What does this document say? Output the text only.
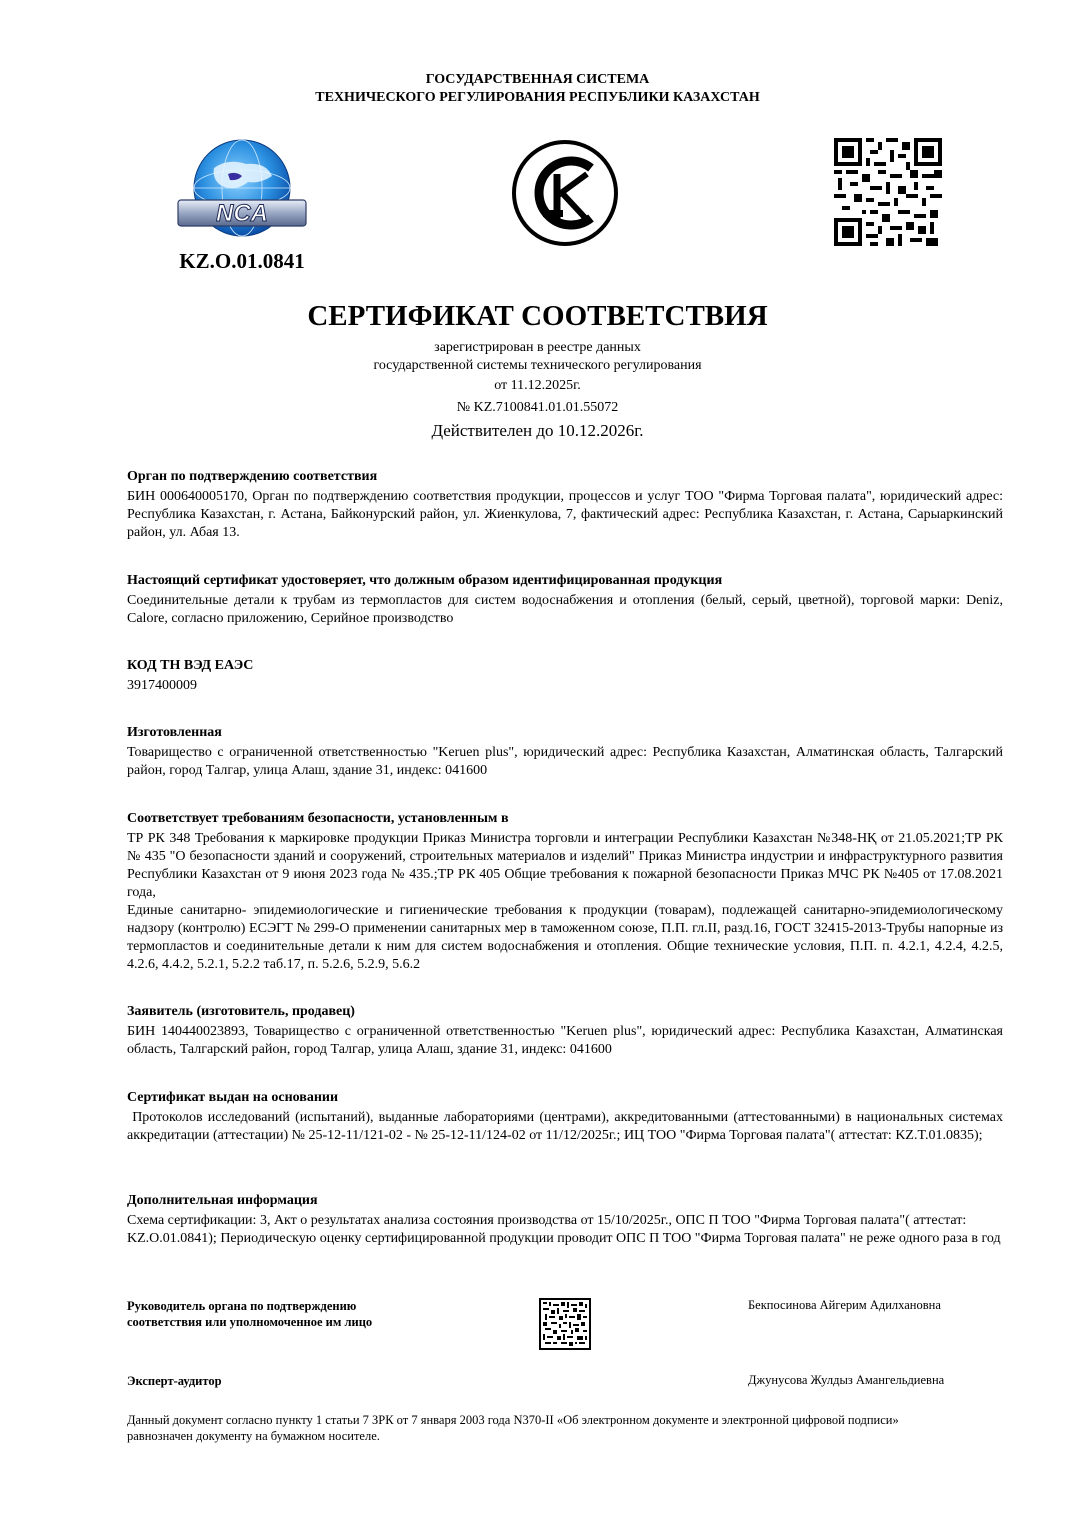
ГОСУДАРСТВЕННАЯ СИСТЕМА
ТЕХНИЧЕСКОГО РЕГУЛИРОВАНИЯ РЕСПУБЛИКИ КАЗАХСТАН
NCA
KZ.O.01.0841
СЕРТИФИКАТ СООТВЕТСТВИЯ
зарегистрирован в реестре данных
государственной системы технического регулирования
от 11.12.2025г.
№ KZ.7100841.01.01.55072
Действителен до 10.12.2026г.
Орган по подтверждению соответствия
БИН 000640005170, Орган по подтверждению соответствия продукции, процессов и услуг ТОО "Фирма Торговая палата", юридический адрес: Республика Казахстан, г. Астана, Байконурский район, ул. Жиенкулова, 7, фактический адрес: Республика Казахстан, г. Астана, Сарыаркинский район, ул. Абая 13.
Настоящий сертификат удостоверяет, что должным образом идентифицированная продукция
Соединительные детали к трубам из термопластов для систем водоснабжения и отопления (белый, серый, цветной), торговой марки: Deniz, Calore, согласно приложению, Серийное производство
КОД ТН ВЭД ЕАЭС
3917400009
Изготовленная
Товарищество с ограниченной ответственностью "Keruen plus", юридический адрес: Республика Казахстан, Алматинская область, Талгарский район, город Талгар, улица Алаш, здание 31, индекс: 041600
Соответствует требованиям безопасности, установленным в
ТР РК 348 Требования к маркировке продукции Приказ Министра торговли и интеграции Республики Казахстан №348-НҚ от 21.05.2021;ТР РК № 435 "О безопасности зданий и сооружений, строительных материалов и изделий" Приказ Министра индустрии и инфраструктурного развития Республики Казахстан от 9 июня 2023 года № 435.;ТР РК 405 Общие требования к пожарной безопасности Приказ МЧС РК №405 от 17.08.2021 года,
Единые санитарно- эпидемиологические и гигиенические требования к продукции (товарам), подлежащей санитарно-эпидемиологическому надзору (контролю) ЕСЭГТ № 299-О применении санитарных мер в таможенном союзе, П.П. гл.II, разд.16, ГОСТ 32415-2013-Трубы напорные из термопластов и соединительные детали к ним для систем водоснабжения и отопления. Общие технические условия, П.П. п. 4.2.1, 4.2.4, 4.2.5, 4.2.6, 4.4.2, 5.2.1, 5.2.2 таб.17, п. 5.2.6, 5.2.9, 5.6.2
Заявитель (изготовитель, продавец)
БИН 140440023893, Товарищество с ограниченной ответственностью "Keruen plus", юридический адрес: Республика Казахстан, Алматинская область, Талгарский район, город Талгар, улица Алаш, здание 31, индекс: 041600
Сертификат выдан на основании
Протоколов исследований (испытаний), выданные лабораториями (центрами), аккредитованными (аттестованными) в национальных системах аккредитации (аттестации) № 25-12-11/121-02 - № 25-12-11/124-02 от 11/12/2025г.; ИЦ ТОО "Фирма Торговая палата"( аттестат: KZ.T.01.0835);
Дополнительная информация
Схема сертификации: 3, Акт о результатах анализа состояния производства от 15/10/2025г., ОПС П ТОО "Фирма Торговая палата"( аттестат: KZ.O.01.0841); Периодическую оценку сертифицированной продукции проводит ОПС П ТОО "Фирма Торговая палата" не реже одного раза в год
Руководитель органа по подтверждению соответствия или уполномоченное им лицо
Бекпосинова Айгерим Адилхановна
Эксперт-аудитор	Джунусова Жулдыз Амангельдиевна
Данный документ согласно пункту 1 статьи 7 ЗРК от 7 января 2003 года N370-II «Об электронном документе и электронной цифровой подписи» равнозначен документу на бумажном носителе.
